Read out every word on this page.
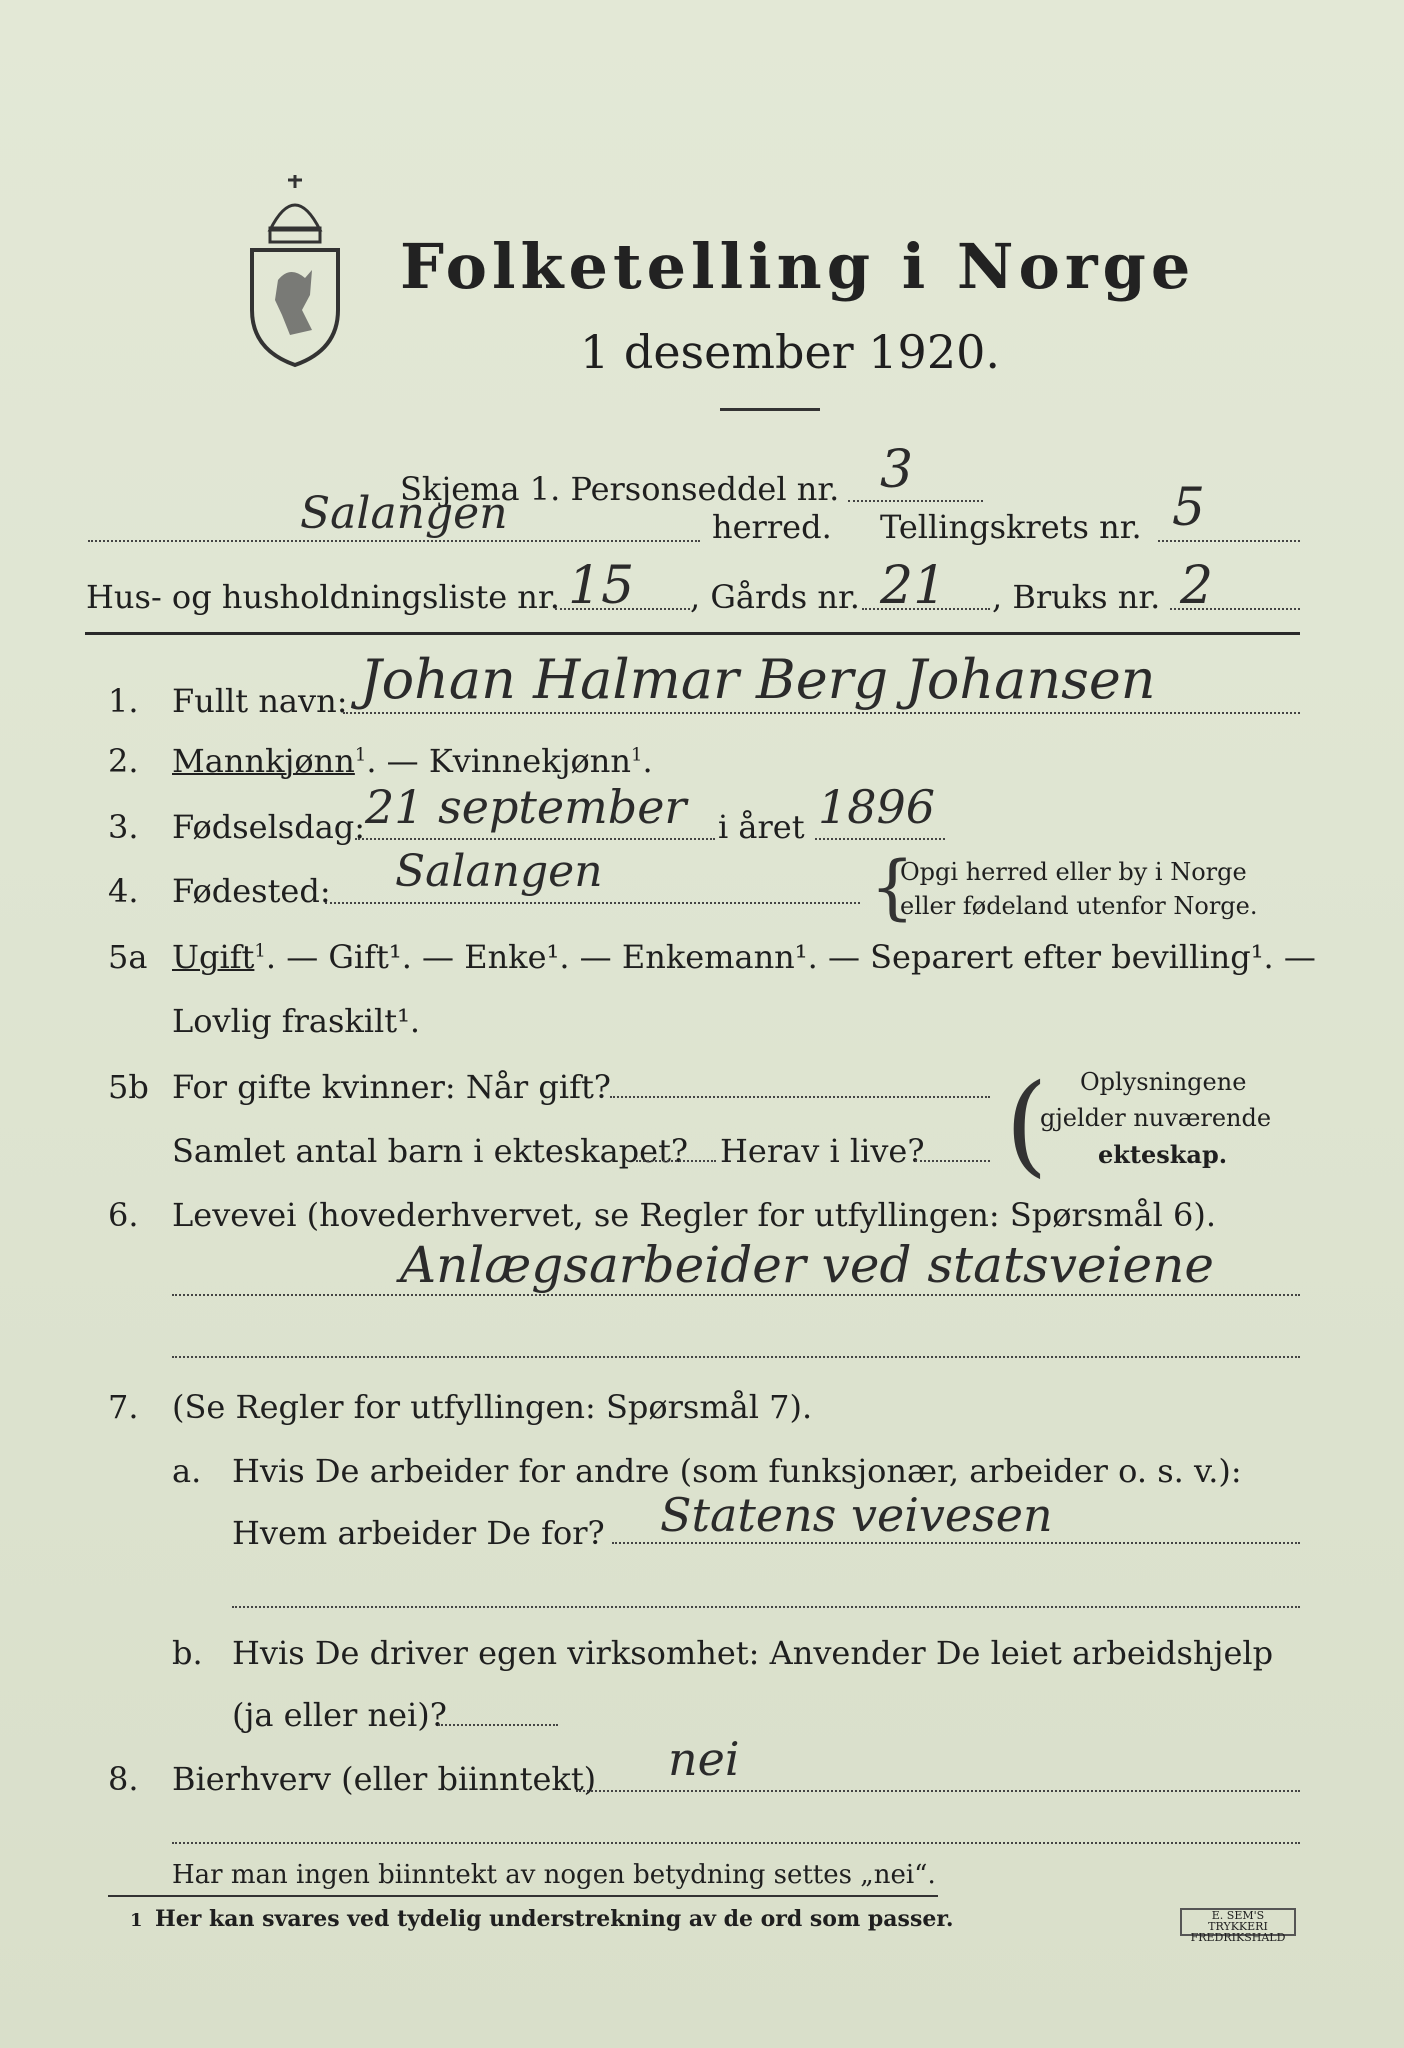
Folketelling i Norge
1 desember 1920.
Skjema 1. Personseddel nr. 3
Salangen	herred. Tellingskrets nr. 5
Hus- og husholdningsliste nr. 15 , Gårds nr. 21 , Bruks nr. 2
1. Fullt navn: Johan Halmar Berg Johansen
2. Mannkjønn$^1$. — Kvinnekjønn$^1$.
3. Fødselsdag: 21 september i året 1896
4. Fødested: Salangen	{
Opgi herred eller by i Norge
eller fødeland utenfor Norge.
5a Ugift$^1$. — Gift¹. — Enke¹. — Enkemann¹. — Separert efter bevilling¹. —
Lovlig fraskilt¹.
5b For gifte kvinner: Når gift?
Samlet antal barn i ekteskapet? Herav i live? ( Oplysningene
gjelder nuværende
ekteskap.
6. Levevei (hovederhvervet, se Regler for utfyllingen: Spørsmål 6).
Anlægsarbeider ved statsveiene
7. (Se Regler for utfyllingen: Spørsmål 7).
a. Hvis De arbeider for andre (som funksjonær, arbeider o. s. v.):
Hvem arbeider De for? Statens veivesen
b. Hvis De driver egen virksomhet: Anvender De leiet arbeidshjelp
(ja eller nei)?
8. Bierhverv (eller biinntekt) nei
Har man ingen biinntekt av nogen betydning settes „nei“.
1 Her kan svares ved tydelig understrekning av de ord som passer.	E. SEM'S TRYKKERI FREDRIKSHALD
